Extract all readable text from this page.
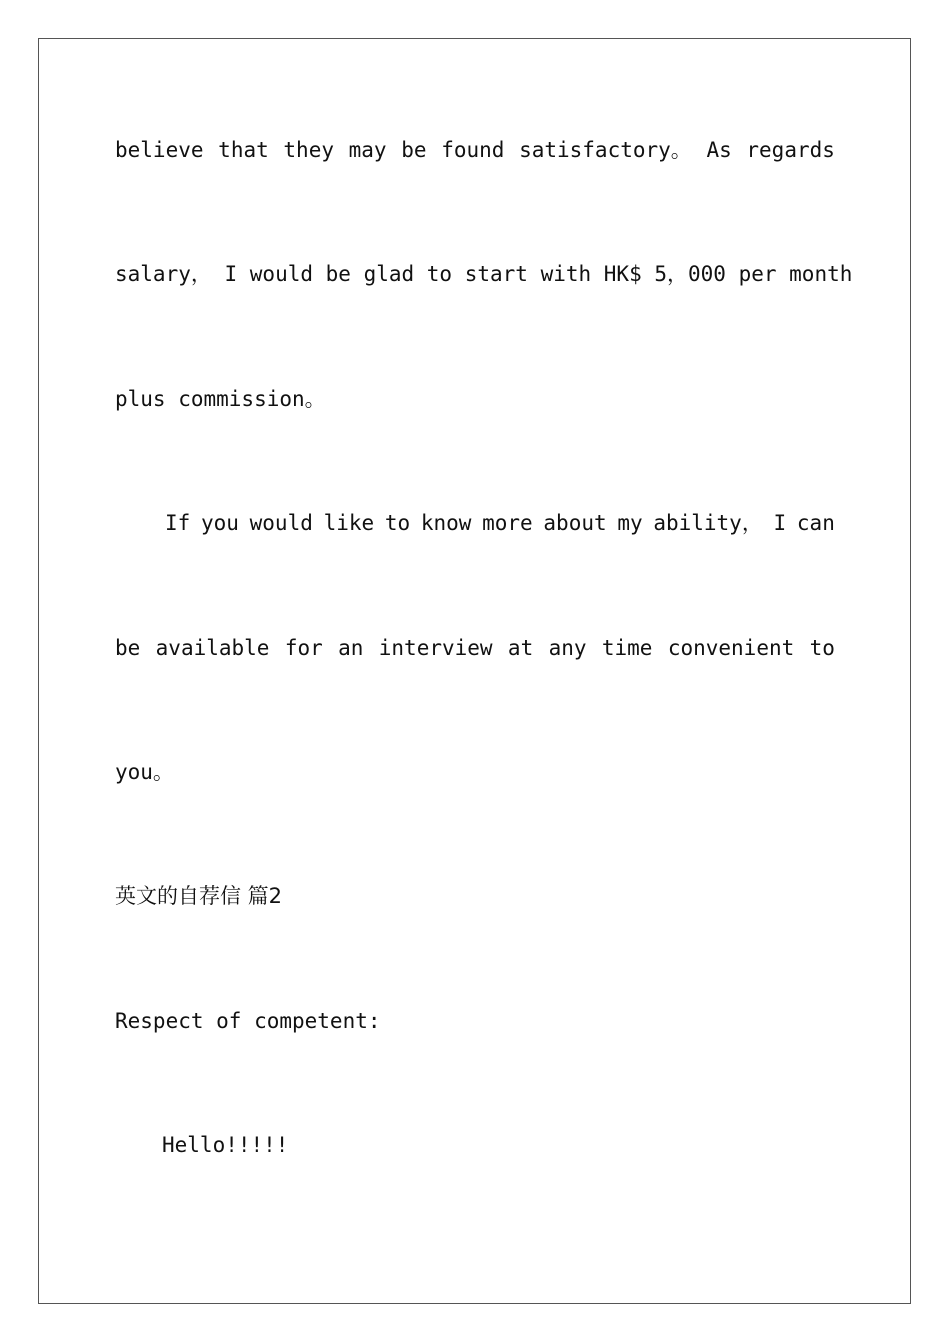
believe that they may be found satisfactory。 As regards
salary， I would be glad to start with HK$ 5，000 per month
plus commission。
If you would like to know more about my ability， I can
be available for an interview at any time convenient to
you。
英文的自荐信 篇2
Respect of competent:
Hello!!!!!
